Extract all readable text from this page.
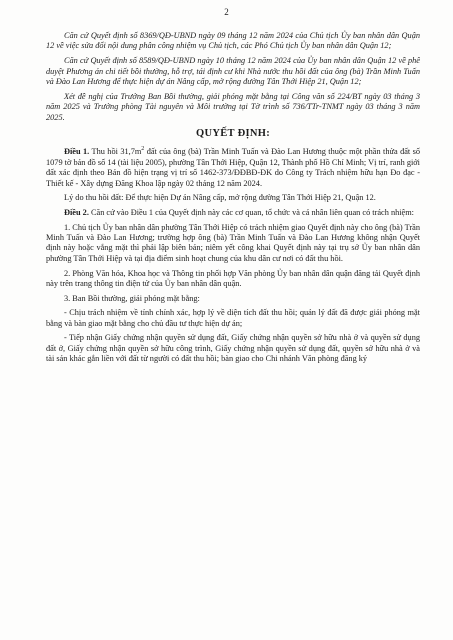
2

Căn cứ Quyết định số 8369/QĐ-UBND ngày 09 tháng 12 năm 2024 của Chủ tịch Ủy ban nhân dân Quận 12 về việc sửa đổi nội dung phân công nhiệm vụ Chủ tịch, các Phó Chủ tịch Ủy ban nhân dân Quận 12;

Căn cứ Quyết định số 8589/QĐ-UBND ngày 10 tháng 12 năm 2024 của Ủy ban nhân dân Quận 12 về phê duyệt Phương án chi tiết bồi thường, hỗ trợ, tái định cư khi Nhà nước thu hồi đất của ông (bà) Trần Minh Tuấn và Đào Lan Hương để thực hiện dự án Nâng cấp, mở rộng đường Tân Thới Hiệp 21, Quận 12;

Xét đề nghị của Trưởng Ban Bồi thường, giải phóng mặt bằng tại Công văn số 224/BT ngày 03 tháng 3 năm 2025 và Trưởng phòng Tài nguyên và Môi trường tại Tờ trình số 736/TTr-TNMT ngày 03 tháng 3 năm 2025.

QUYẾT ĐỊNH:

Điều 1. Thu hồi $31,7m^2$ đất của ông (bà) Trần Minh Tuấn và Đào Lan Hương thuộc một phần thửa đất số 1079 tờ bản đồ số 14 (tài liệu 2005), phường Tân Thới Hiệp, Quận 12, Thành phố Hồ Chí Minh; Vị trí, ranh giới đất xác định theo Bản đồ hiện trạng vị trí số 1462-373/ĐĐBĐ-ĐK do Công ty Trách nhiệm hữu hạn Đo đạc - Thiết kế - Xây dựng Đăng Khoa lập ngày 02 tháng 12 năm 2024.

Lý do thu hồi đất: Để thực hiện Dự án Nâng cấp, mở rộng đường Tân Thới Hiệp 21, Quận 12.

Điều 2. Căn cứ vào Điều 1 của Quyết định này các cơ quan, tổ chức và cá nhân liên quan có trách nhiệm:

1. Chủ tịch Ủy ban nhân dân phường Tân Thới Hiệp có trách nhiệm giao Quyết định này cho ông (bà) Trần Minh Tuấn và Đào Lan Hương; trường hợp ông (bà) Trần Minh Tuấn và Đào Lan Hương không nhận Quyết định này hoặc vắng mặt thì phải lập biên bản; niêm yết công khai Quyết định này tại trụ sở Ủy ban nhân dân phường Tân Thới Hiệp và tại địa điểm sinh hoạt chung của khu dân cư nơi có đất thu hồi.

2. Phòng Văn hóa, Khoa học và Thông tin phối hợp Văn phòng Ủy ban nhân dân quận đăng tải Quyết định này trên trang thông tin điện tử của Ủy ban nhân dân quận.

3. Ban Bồi thường, giải phóng mặt bằng:

- Chịu trách nhiệm về tính chính xác, hợp lý về diện tích đất thu hồi; quản lý đất đã được giải phóng mặt bằng và bàn giao mặt bằng cho chủ đầu tư thực hiện dự án;

- Tiếp nhận Giấy chứng nhận quyền sử dụng đất, Giấy chứng nhận quyền sở hữu nhà ở và quyền sử dụng đất ở, Giấy chứng nhận quyền sở hữu công trình, Giấy chứng nhận quyền sử dụng đất, quyền sở hữu nhà ở và tài sản khác gắn liền với đất từ người có đất thu hồi; bàn giao cho Chi nhánh Văn phòng đăng ký
